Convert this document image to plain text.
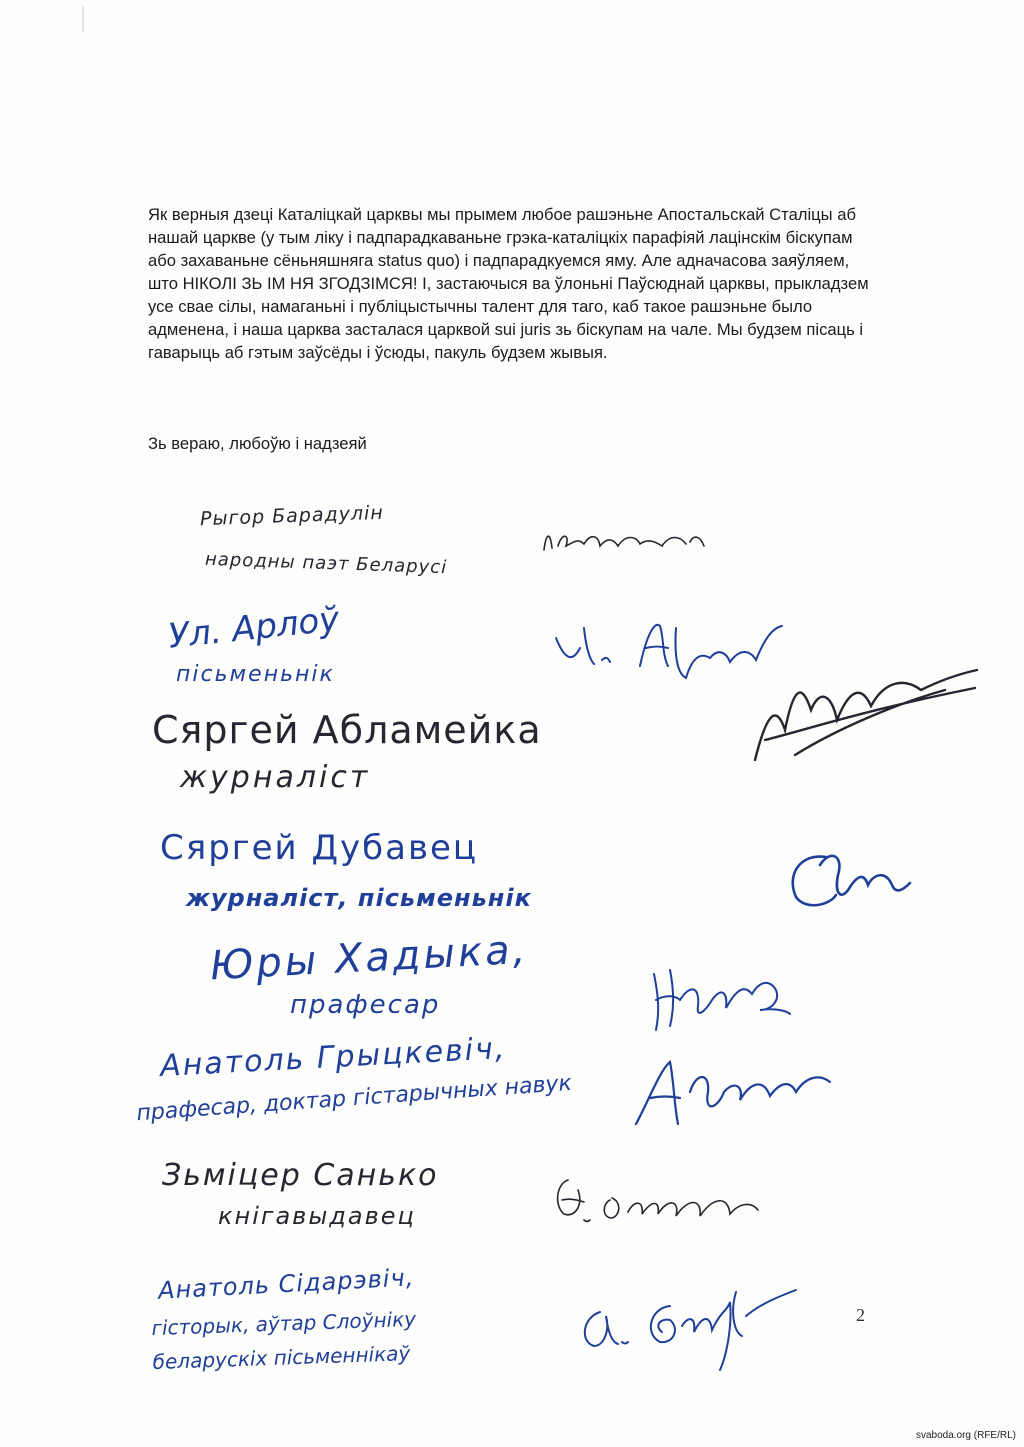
Як верныя дзеці Каталіцкай царквы мы прымем любое рашэньне Апостальскай Сталіцы аб нашай царкве (у тым ліку і падпарадкаваньне грэка-каталіцкіх парафіяй лацінскім біскупам або захаваньне сёньняшняга status quo) і падпарадкуемся яму. Але адначасова заяўляем, што НІКОЛІ ЗЬ ІМ НЯ ЗГОДЗІМСЯ! І, застаючыся ва ўлоньні Паўсюднай царквы, прыкладзем усе свае сілы, намаганьні і публіцыстычны талент для таго, каб такое рашэньне было адменена, і наша царква засталася царквой sui juris зь біскупам на чале. Мы будзем пісаць і гаварыць аб гэтым заўсёды і ўсюды, пакуль будзем жывыя.

Зь вераю, любоўю і надзеяй

Рыгор Барадулін
народны паэт Беларусі
Ул. Арлоў
пісьменьнік
Сяргей Абламейка
журналіст
Сяргей Дубавец
журналіст, пісьменьнік
Юры Хадыка,
прафесар
Анатоль Грыцкевіч,
прафесар, доктар гістарычных навук
Зьміцер Санько
кнігавыдавец
Анатоль Сідарэвіч,
гісторык, аўтар Слоўніку беларускіх пісьменнікаў
2
svaboda.org (RFE/RL)
